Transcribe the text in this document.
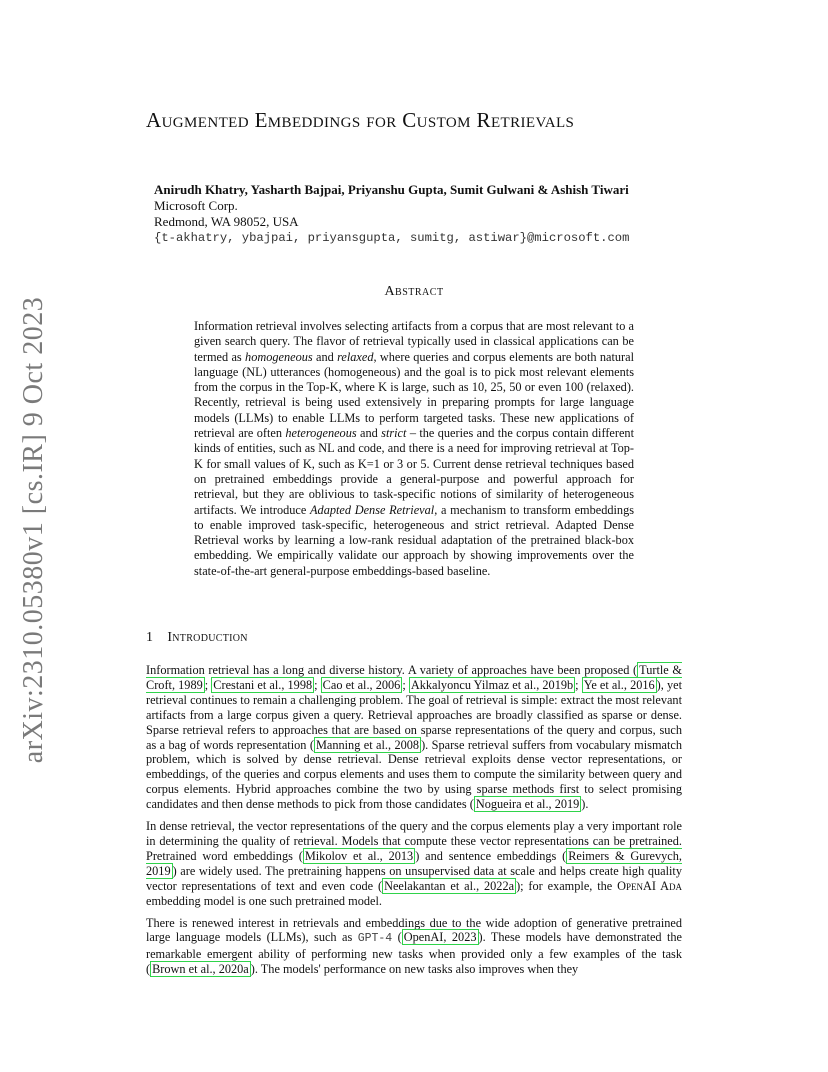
arXiv:2310.05380v1 [cs.IR] 9 Oct 2023
Augmented Embeddings for Custom Retrievals
Anirudh Khatry, Yasharth Bajpai, Priyanshu Gupta, Sumit Gulwani & Ashish Tiwari
Microsoft Corp.
Redmond, WA 98052, USA
{t-akhatry, ybajpai, priyansgupta, sumitg, astiwar}@microsoft.com
Abstract

Information retrieval involves selecting artifacts from a corpus that are most relevant to a given search query. The flavor of retrieval typically used in classical applications can be termed as homogeneous and relaxed, where queries and corpus elements are both natural language (NL) utterances (homogeneous) and the goal is to pick most relevant elements from the corpus in the Top-K, where K is large, such as 10, 25, 50 or even 100 (relaxed). Recently, retrieval is being used extensively in preparing prompts for large language models (LLMs) to enable LLMs to perform targeted tasks. These new applications of retrieval are often heterogeneous and strict – the queries and the corpus contain different kinds of entities, such as NL and code, and there is a need for improving retrieval at Top-K for small values of K, such as K=1 or 3 or 5. Current dense retrieval techniques based on pretrained embeddings provide a general-purpose and powerful approach for retrieval, but they are oblivious to task-specific notions of similarity of heterogeneous artifacts. We introduce Adapted Dense Retrieval, a mechanism to transform embeddings to enable improved task-specific, heterogeneous and strict retrieval. Adapted Dense Retrieval works by learning a low-rank residual adaptation of the pretrained black-box embedding. We empirically validate our approach by showing improvements over the state-of-the-art general-purpose embeddings-based baseline.

1 Introduction

Information retrieval has a long and diverse history. A variety of approaches have been proposed ( Turtle & Croft, 1989 ; Crestani et al., 1998 ; Cao et al., 2006 ; Akkalyoncu Yilmaz et al., 2019b ; Ye et al., 2016 ), yet retrieval continues to remain a challenging problem. The goal of retrieval is simple: extract the most relevant artifacts from a large corpus given a query. Retrieval approaches are broadly classified as sparse or dense. Sparse retrieval refers to approaches that are based on sparse representations of the query and corpus, such as a bag of words representation ( Manning et al., 2008 ). Sparse retrieval suffers from vocabulary mismatch problem, which is solved by dense retrieval. Dense retrieval exploits dense vector representations, or embeddings, of the queries and corpus elements and uses them to compute the similarity between query and corpus elements. Hybrid approaches combine the two by using sparse methods first to select promising candidates and then dense methods to pick from those candidates ( Nogueira et al., 2019 ).

In dense retrieval, the vector representations of the query and the corpus elements play a very important role in determining the quality of retrieval. Models that compute these vector representations can be pretrained. Pretrained word embeddings ( Mikolov et al., 2013 ) and sentence embeddings ( Reimers & Gurevych, 2019 ) are widely used. The pretraining happens on unsupervised data at scale and helps create high quality vector representations of text and even code ( Neelakantan et al., 2022a ); for example, the OpenAI Ada embedding model is one such pretrained model.

There is renewed interest in retrievals and embeddings due to the wide adoption of generative pretrained large language models (LLMs), such as GPT-4 ( OpenAI, 2023 ). These models have demonstrated the remarkable emergent ability of performing new tasks when provided only a few examples of the task ( Brown et al., 2020a ). The models' performance on new tasks also improves when they
